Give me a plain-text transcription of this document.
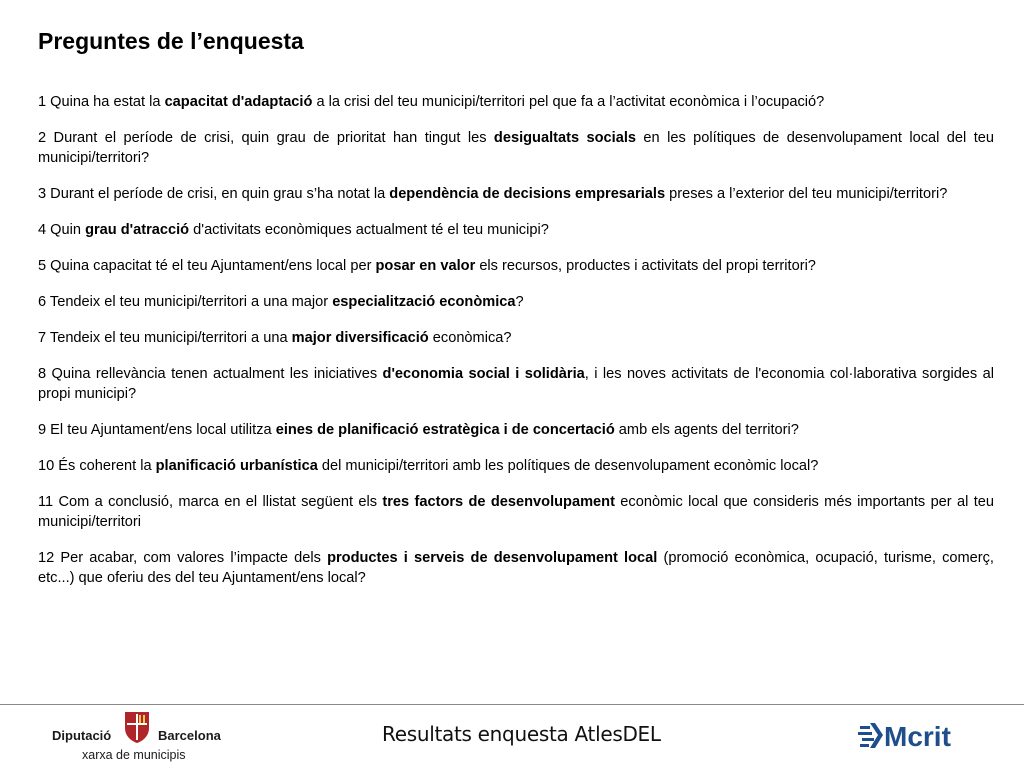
Preguntes de l’enquesta

1 Quina ha estat la capacitat d'adaptació a la crisi del teu municipi/territori pel que fa a l’activitat econòmica i l’ocupació?

2 Durant el període de crisi, quin grau de prioritat han tingut les desigualtats socials en les polítiques de desenvolupament local del teu municipi/territori?

3 Durant el període de crisi, en quin grau s’ha notat la dependència de decisions empresarials preses a l’exterior del teu municipi/territori?

4 Quin grau d'atracció d'activitats econòmiques actualment té el teu municipi?

5 Quina capacitat té el teu Ajuntament/ens local per posar en valor els recursos, productes i activitats del propi territori?

6 Tendeix el teu municipi/territori a una major especialització econòmica?

7 Tendeix el teu municipi/territori a una major diversificació econòmica?

8 Quina rellevància tenen actualment les iniciatives d'economia social i solidària, i les noves activitats de l'economia col·laborativa sorgides al propi municipi?

9 El teu Ajuntament/ens local utilitza eines de planificació estratègica i de concertació amb els agents del territori?

10 És coherent la planificació urbanística del municipi/territori amb les polítiques de desenvolupament econòmic local?

11 Com a conclusió, marca en el llistat següent els tres factors de desenvolupament econòmic local que consideris més importants per al teu municipi/territori

12 Per acabar, com valores l’impacte dels productes i serveis de desenvolupament local (promoció econòmica, ocupació, turisme, comerç, etc...) que oferiu des del teu Ajuntament/ens local?

Diputació	Barcelona
xarxa de municipis
Resultats enquesta AtlesDEL	Mcrit
